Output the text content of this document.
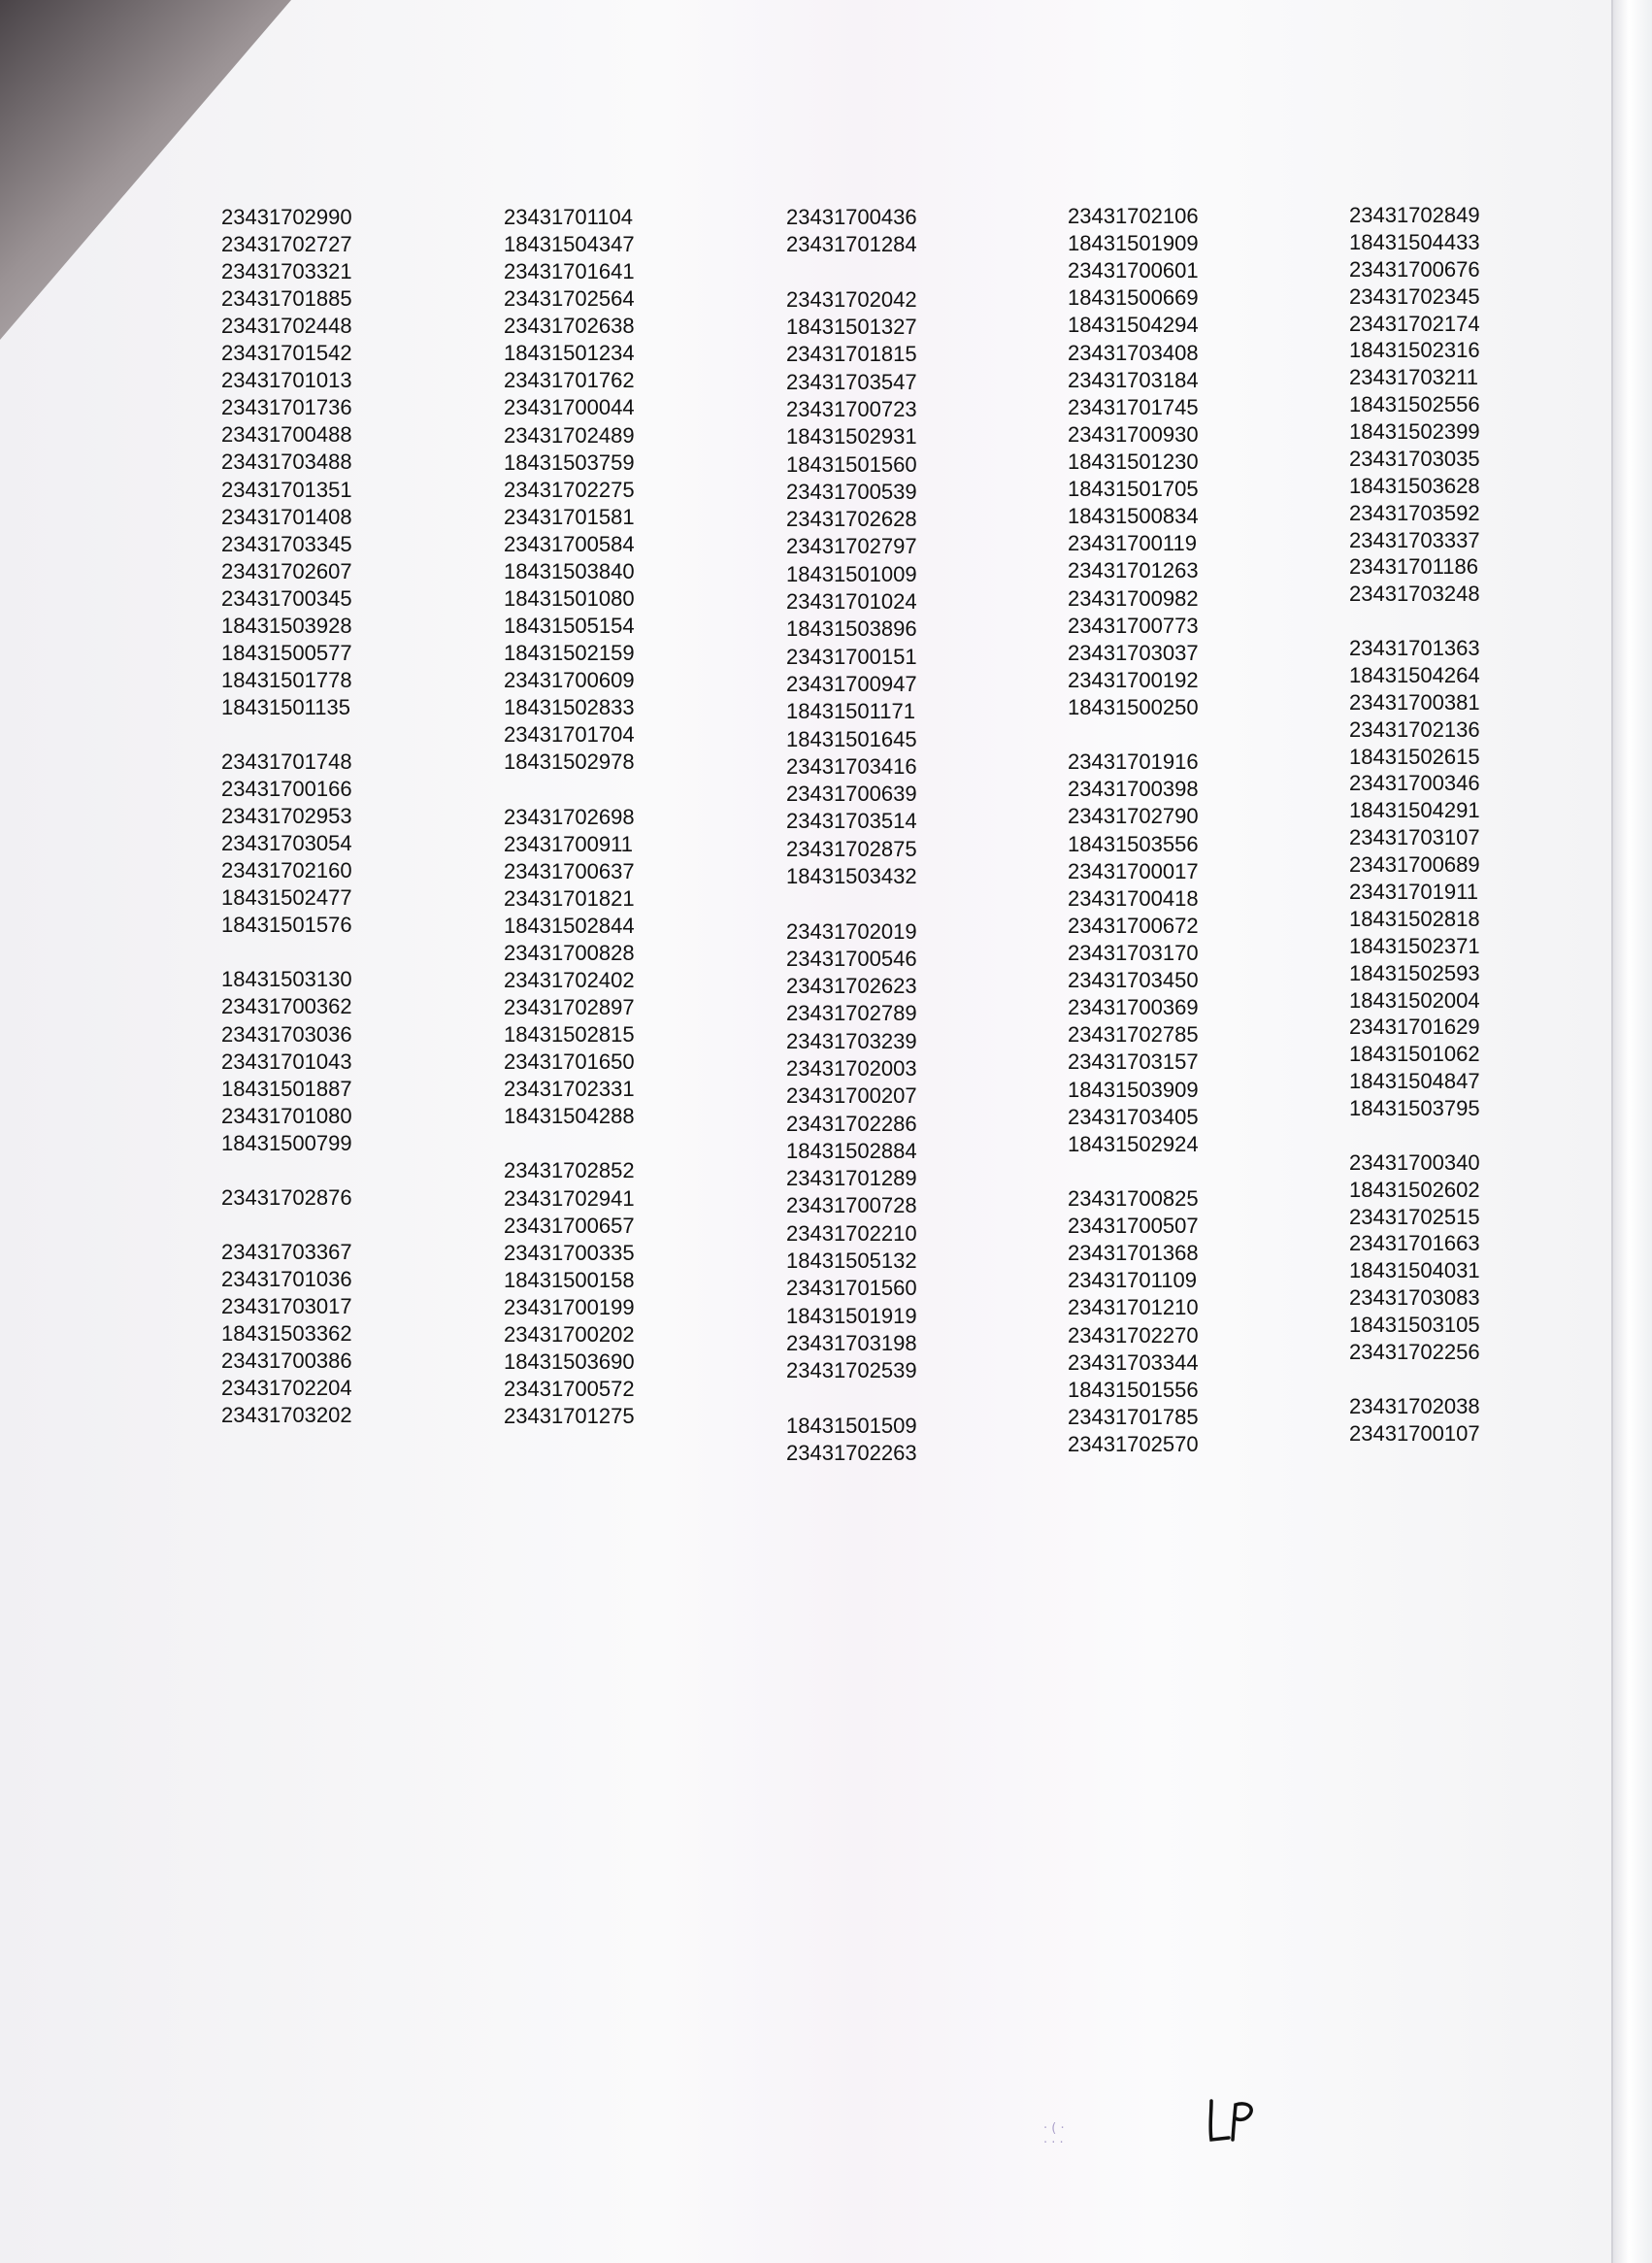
23431702990
23431702727
23431703321
23431701885
23431702448
23431701542
23431701013
23431701736
23431700488
23431703488
23431701351
23431701408
23431703345
23431702607
23431700345
18431503928
18431500577
18431501778
18431501135
23431701748
23431700166
23431702953
23431703054
23431702160
18431502477
18431501576
18431503130
23431700362
23431703036
23431701043
18431501887
23431701080
18431500799
23431702876
23431703367
23431701036
23431703017
18431503362
23431700386
23431702204
23431703202
23431701104
18431504347
23431701641
23431702564
23431702638
18431501234
23431701762
23431700044
23431702489
18431503759
23431702275
23431701581
23431700584
18431503840
18431501080
18431505154
18431502159
23431700609
18431502833
23431701704
18431502978
23431702698
23431700911
23431700637
23431701821
18431502844
23431700828
23431702402
23431702897
18431502815
23431701650
23431702331
18431504288
23431702852
23431702941
23431700657
23431700335
18431500158
23431700199
23431700202
18431503690
23431700572
23431701275
23431700436
23431701284
23431702042
18431501327
23431701815
23431703547
23431700723
18431502931
18431501560
23431700539
23431702628
23431702797
18431501009
23431701024
18431503896
23431700151
23431700947
18431501171
18431501645
23431703416
23431700639
23431703514
23431702875
18431503432
23431702019
23431700546
23431702623
23431702789
23431703239
23431702003
23431700207
23431702286
18431502884
23431701289
23431700728
23431702210
18431505132
23431701560
18431501919
23431703198
23431702539
18431501509
23431702263
23431702106
18431501909
23431700601
18431500669
18431504294
23431703408
23431703184
23431701745
23431700930
18431501230
18431501705
18431500834
23431700119
23431701263
23431700982
23431700773
23431703037
23431700192
18431500250
23431701916
23431700398
23431702790
18431503556
23431700017
23431700418
23431700672
23431703170
23431703450
23431700369
23431702785
23431703157
18431503909
23431703405
18431502924
23431700825
23431700507
23431701368
23431701109
23431701210
23431702270
23431703344
18431501556
23431701785
23431702570
23431702849
18431504433
23431700676
23431702345
23431702174
18431502316
23431703211
18431502556
18431502399
23431703035
18431503628
23431703592
23431703337
23431701186
23431703248
23431701363
18431504264
23431700381
23431702136
18431502615
23431700346
18431504291
23431703107
23431700689
23431701911
18431502818
18431502371
18431502593
18431502004
23431701629
18431501062
18431504847
18431503795
23431700340
18431502602
23431702515
23431701663
18431504031
23431703083
18431503105
23431702256
23431702038
23431700107
· ( ·
· · ·
